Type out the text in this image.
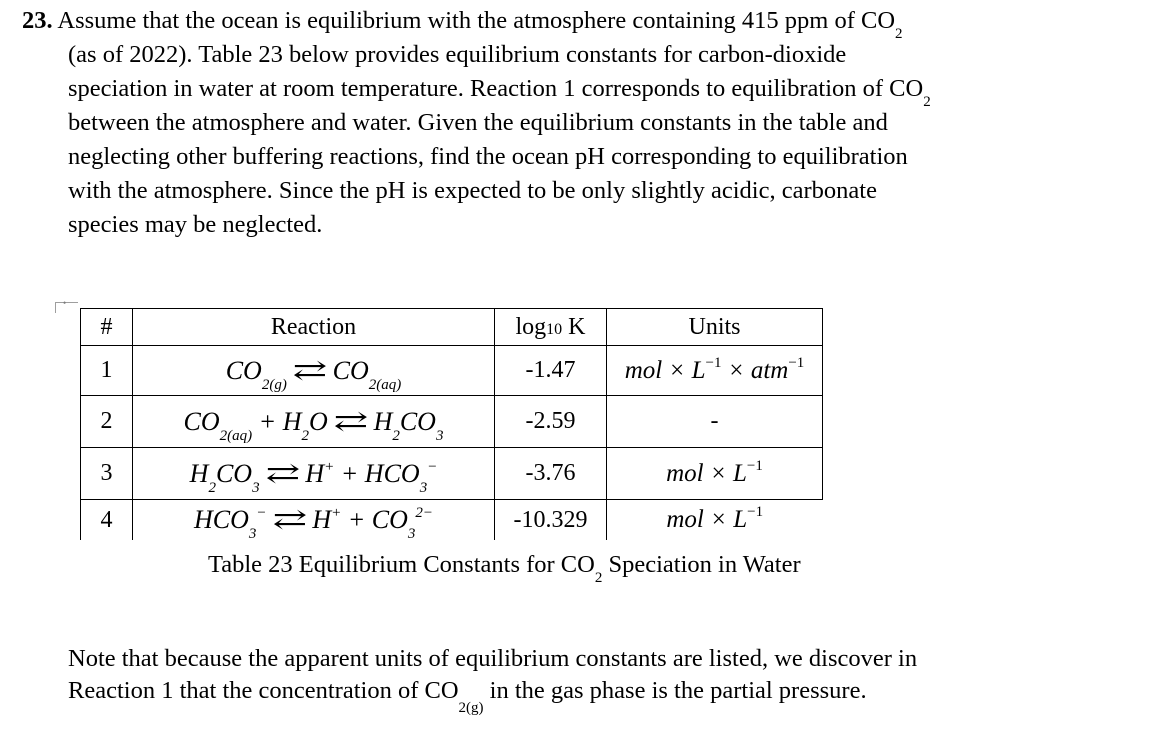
23. Assume that the ocean is equilibrium with the atmosphere containing 415 ppm of $CO_2$
(as of 2022). Table 23 below provides equilibrium constants for carbon-dioxide
speciation in water at room temperature. Reaction 1 corresponds to equilibration of $CO_2$
between the atmosphere and water. Given the equilibrium constants in the table and
neglecting other buffering reactions, find the ocean pH corresponding to equilibration
with the atmosphere. Since the pH is expected to be only slightly acidic, carbonate
species may be neglected.
•
#	Reaction	log10 K	Units
1	$CO_{2(g)}$ ⇄ $CO_{2(aq)}$	-1.47	mol × $L^{-1} \times atm^{-1}$
2	$CO_{2(aq)} + H_2O$ ⇄ $H_2CO_3$	-2.59	-
3	$H_2CO_3$ ⇄ $H^+ + HCO_3^-$	-3.76	mol × $L^{-1}$
4	$HCO_3^-$ ⇄ $H^+ + CO_3^{2-}$	-10.329	mol × $L^{-1}$
Table 23 Equilibrium Constants for $CO_2$ Speciation in Water
Note that because the apparent units of equilibrium constants are listed, we discover in
Reaction 1 that the concentration of $CO_{2(g)}$ in the gas phase is the partial pressure.
